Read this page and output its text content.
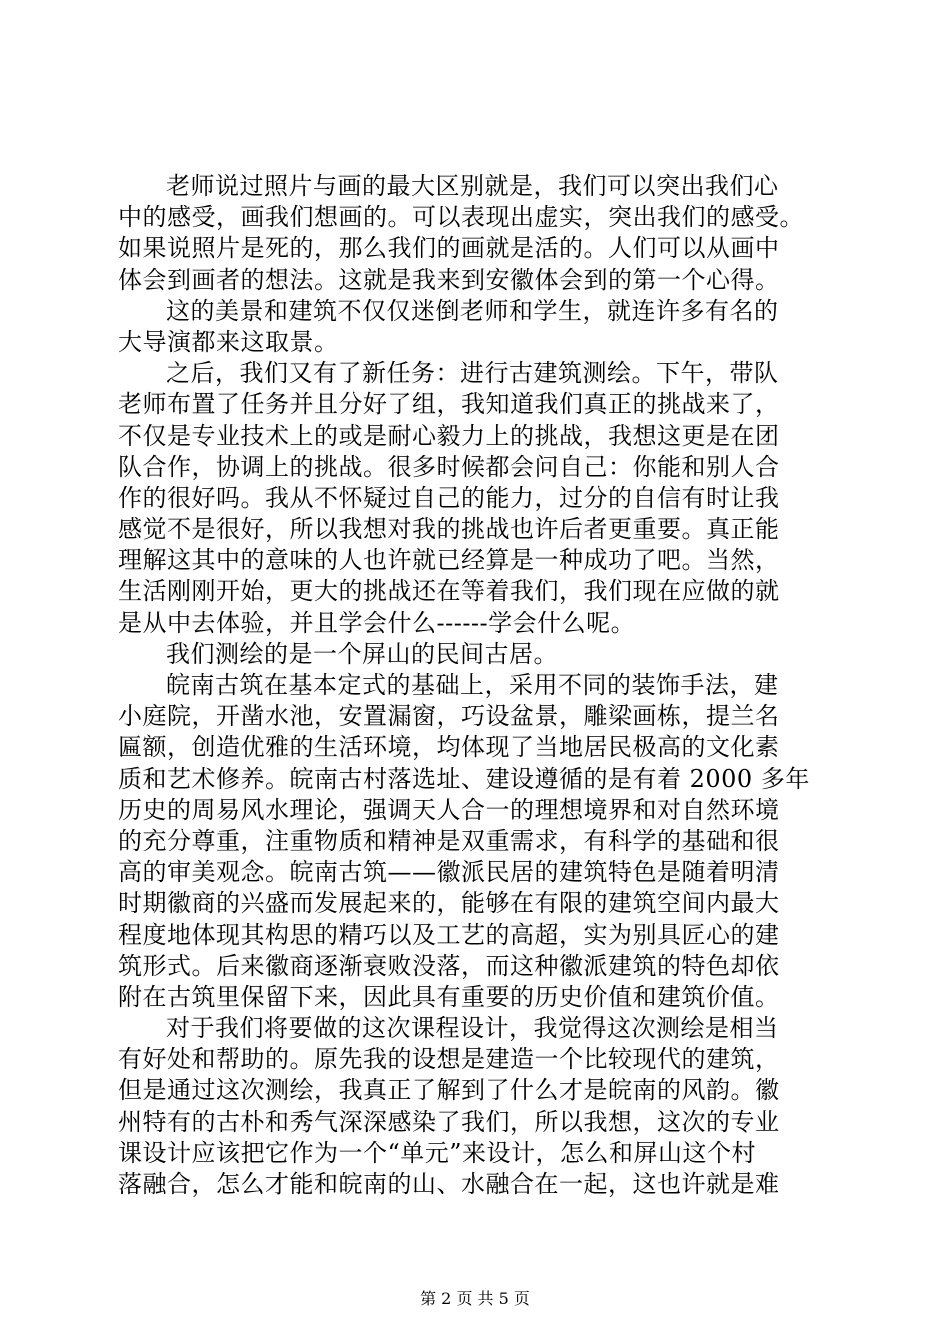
老师说过照片与画的最大区别就是，我们可以突出我们心
中的感受，画我们想画的。可以表现出虚实，突出我们的感受。
如果说照片是死的，那么我们的画就是活的。人们可以从画中
体会到画者的想法。这就是我来到安徽体会到的第一个心得。
这的美景和建筑不仅仅迷倒老师和学生，就连许多有名的
大导演都来这取景。
之后，我们又有了新任务：进行古建筑测绘。下午，带队
老师布置了任务并且分好了组，我知道我们真正的挑战来了，
不仅是专业技术上的或是耐心毅力上的挑战，我想这更是在团
队合作，协调上的挑战。很多时候都会问自己：你能和别人合
作的很好吗。我从不怀疑过自己的能力，过分的自信有时让我
感觉不是很好，所以我想对我的挑战也许后者更重要。真正能
理解这其中的意味的人也许就已经算是一种成功了吧。当然，
生活刚刚开始，更大的挑战还在等着我们，我们现在应做的就
是从中去体验，并且学会什么------学会什么呢。
我们测绘的是一个屏山的民间古居。
皖南古筑在基本定式的基础上，采用不同的装饰手法，建
小庭院，开凿水池，安置漏窗，巧设盆景，雕梁画栋，提兰名
匾额，创造优雅的生活环境，均体现了当地居民极高的文化素
质和艺术修养。皖南古村落选址、建设遵循的是有着 2000 多年
历史的周易风水理论，强调天人合一的理想境界和对自然环境
的充分尊重，注重物质和精神是双重需求，有科学的基础和很
高的审美观念。皖南古筑——徽派民居的建筑特色是随着明清
时期徽商的兴盛而发展起来的，能够在有限的建筑空间内最大
程度地体现其构思的精巧以及工艺的高超，实为别具匠心的建
筑形式。后来徽商逐渐衰败没落，而这种徽派建筑的特色却依
附在古筑里保留下来，因此具有重要的历史价值和建筑价值。
对于我们将要做的这次课程设计，我觉得这次测绘是相当
有好处和帮助的。原先我的设想是建造一个比较现代的建筑，
但是通过这次测绘，我真正了解到了什么才是皖南的风韵。徽
州特有的古朴和秀气深深感染了我们，所以我想，这次的专业
课设计应该把它作为一个“单元”来设计，怎么和屏山这个村
落融合，怎么才能和皖南的山、水融合在一起，这也许就是难
第 2 页 共 5 页
